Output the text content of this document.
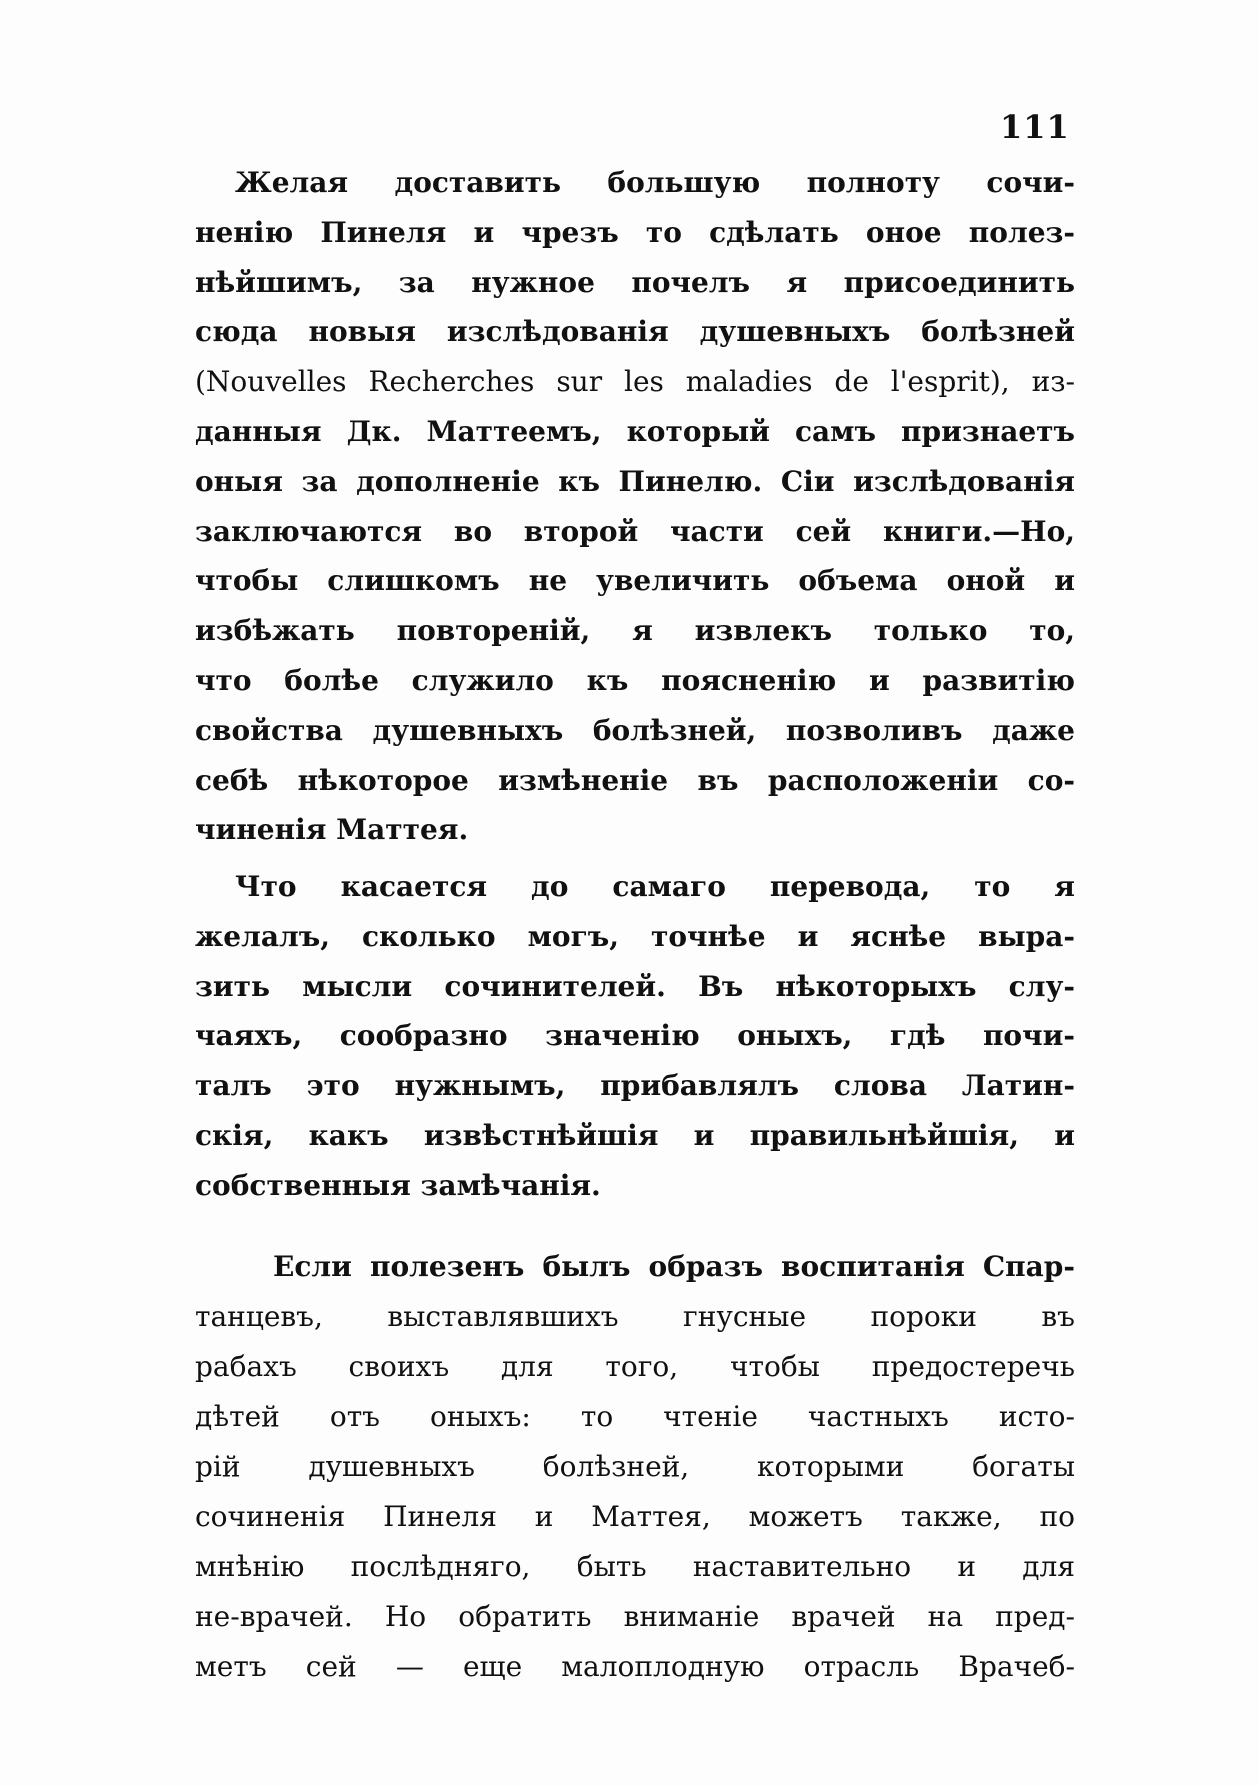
111
Желая доставить большую полноту сочи-
ненію Пинеля и чрезъ то сдѣлать оное полез-
нѣйшимъ, за нужное почелъ я присоединить
сюда новыя изслѣдованія душевныхъ болѣзней
(Nouvelles Recherches sur les maladies de l'esprit), из-
данныя Дк. Маттеемъ, который самъ признаетъ
оныя за дополненіе къ Пинелю. Сіи изслѣдованія
заключаются во второй части сей книги.—Но,
чтобы слишкомъ не увеличить объема оной и
избѣжать повтореній, я извлекъ только то,
что болѣе служило къ поясненію и развитію
свойства душевныхъ болѣзней, позволивъ даже
себѣ нѣкоторое измѣненіе въ расположеніи со-
чиненія Маттея.
Что касается до самаго перевода, то я
желалъ, сколько могъ, точнѣе и яснѣе выра-
зить мысли сочинителей. Въ нѣкоторыхъ слу-
чаяхъ, сообразно значенію оныхъ, гдѣ почи-
талъ это нужнымъ, прибавлялъ слова Латин-
скія, какъ извѣстнѣйшія и правильнѣйшія, и
собственныя замѣчанія.
Если полезенъ былъ образъ воспитанія Спар-
танцевъ, выставлявшихъ гнусные пороки въ
рабахъ своихъ для того, чтобы предостеречь
дѣтей отъ оныхъ: то чтеніе частныхъ исто-
рій душевныхъ болѣзней, которыми богаты
сочиненія Пинеля и Маттея, можетъ также, по
мнѣнію послѣдняго, быть наставительно и для
не-врачей. Но обратить вниманіе врачей на пред-
метъ сей — еще малоплодную отрасль Врачеб-
